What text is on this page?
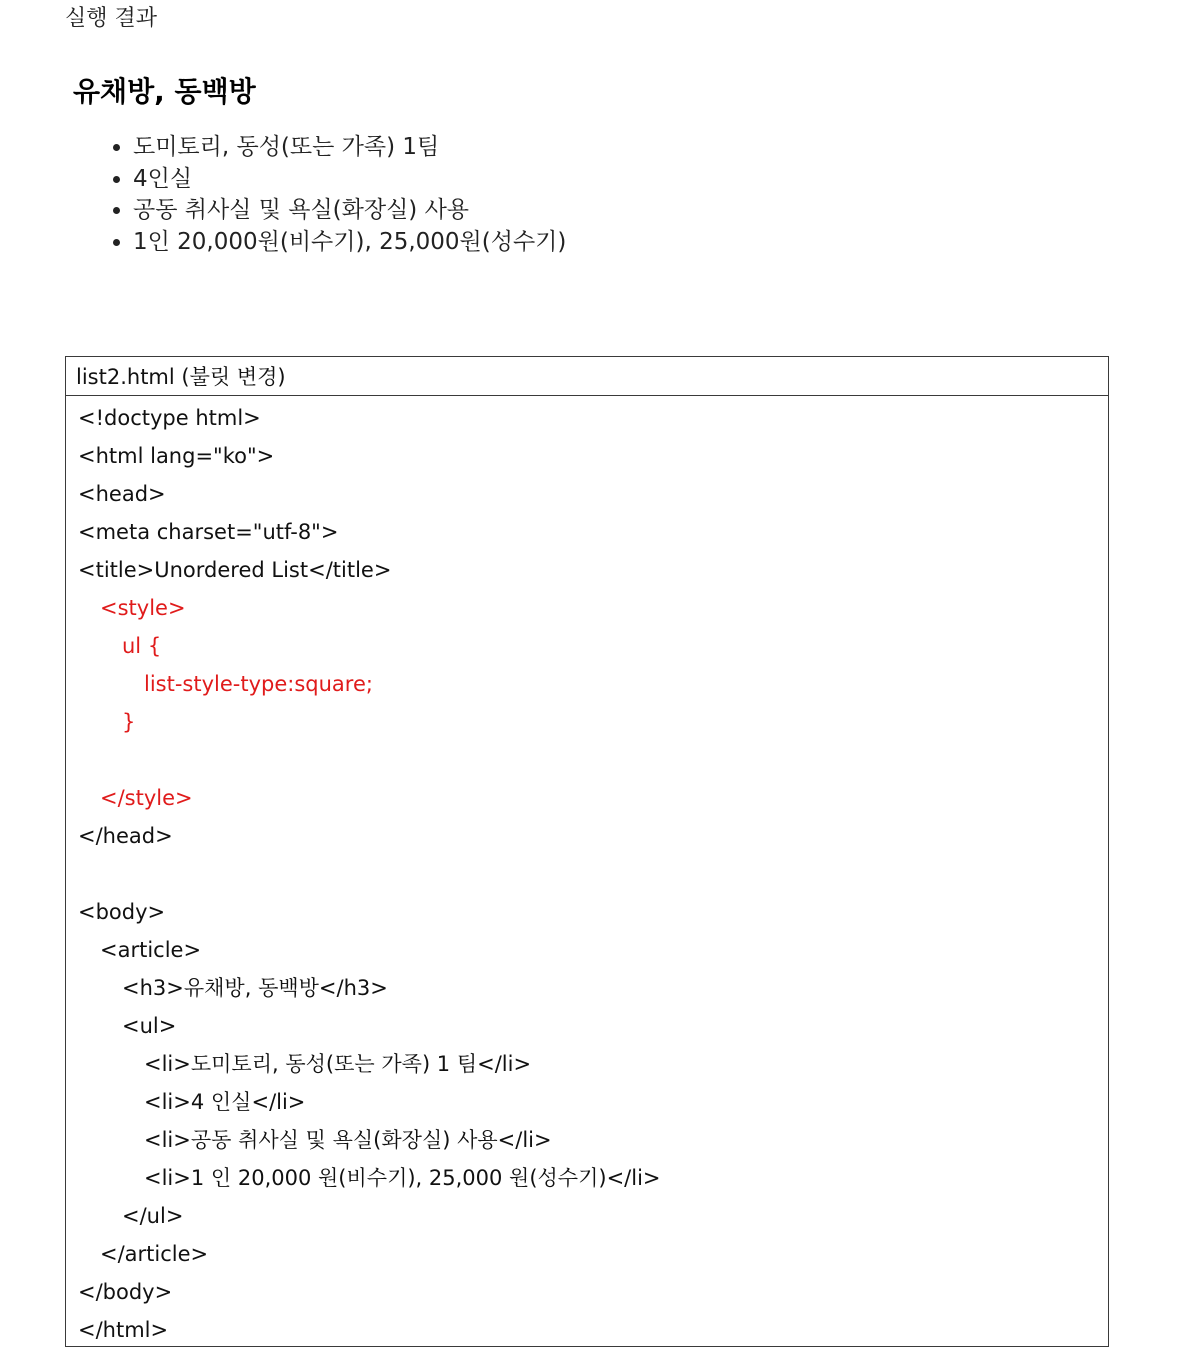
실행 결과
유채방, 동백방
• 도미토리, 동성(또는 가족) 1팀
• 4인실
• 공동 취사실 및 욕실(화장실) 사용
• 1인 20,000원(비수기), 25,000원(성수기)
list2.html (불릿 변경)
<!doctype html>
<html lang="ko">
<head>
<meta charset="utf-8">
<title>Unordered List</title>
<style>
ul {
list-style-type:square;
}
</style>
</head>
<body>
<article>
<h3>유채방, 동백방</h3>
<ul>
<li>도미토리, 동성(또는 가족) 1 팀</li>
<li>4 인실</li>
<li>공동 취사실 및 욕실(화장실) 사용</li>
<li>1 인 20,000 원(비수기), 25,000 원(성수기)</li>
</ul>
</article>
</body>
</html>
